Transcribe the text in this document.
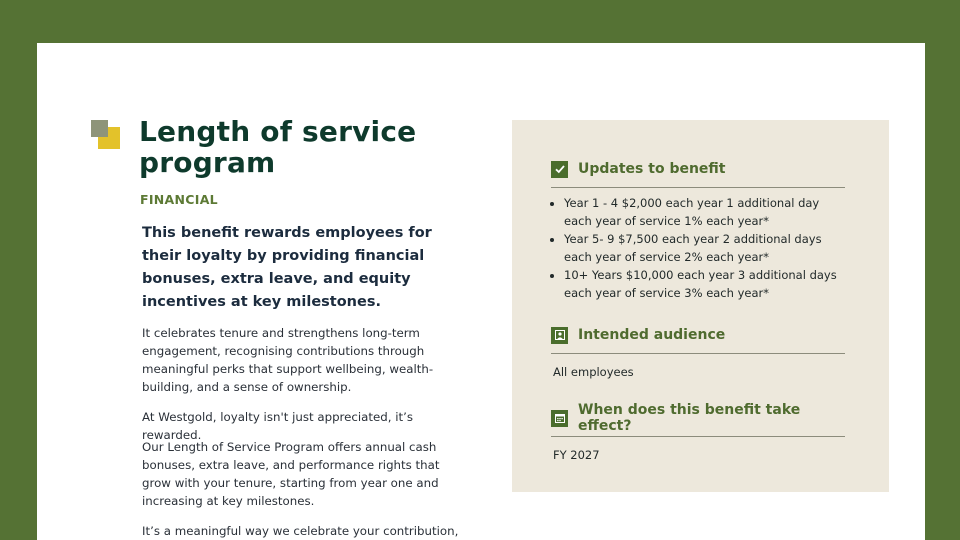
Length of service program
FINANCIAL

This benefit rewards employees for their loyalty by providing financial bonuses, extra leave, and equity incentives at key milestones.

It celebrates tenure and strengthens long-term engagement, recognising contributions through meaningful perks that support wellbeing, wealth-building, and a sense of ownership.

At Westgold, loyalty isn't just appreciated, it’s rewarded.

Our Length of Service Program offers annual cash bonuses, extra leave, and performance rights that grow with your tenure, starting from year one and increasing at key milestones.

It’s a meaningful way we celebrate your contribution,

Updates to benefit
• Year 1 - 4 $2,000 each year 1 additional day each year of service 1% each year*
• Year 5- 9 $7,500 each year 2 additional days each year of service 2% each year*
• 10+ Years $10,000 each year 3 additional days each year of service 3% each year*
Intended audience
All employees
When does this benefit take effect?
FY 2027
